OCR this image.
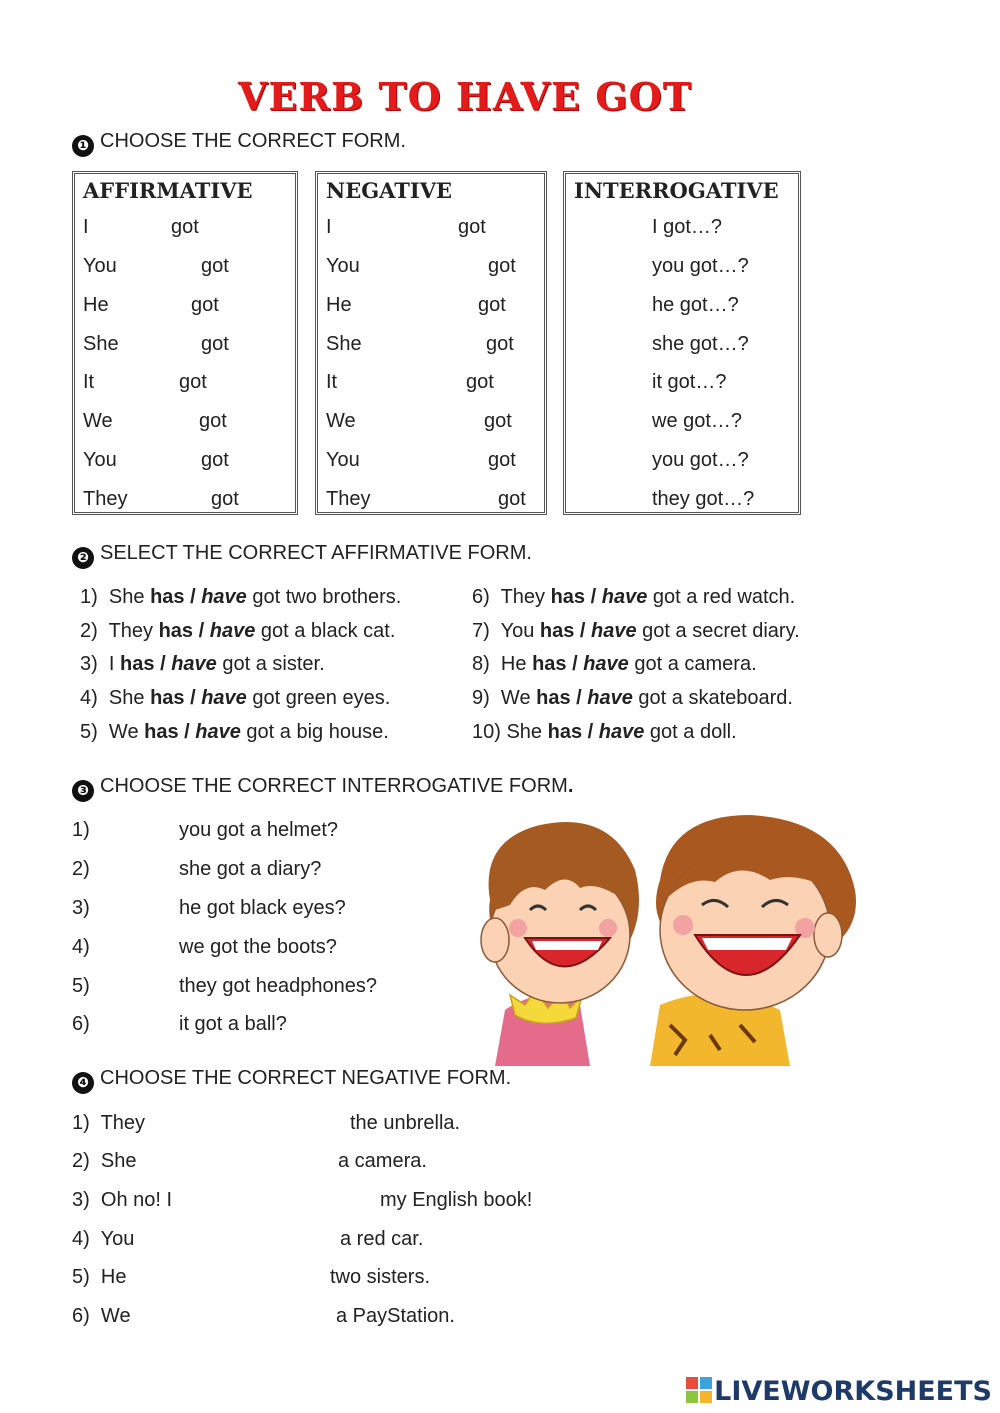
VERB TO HAVE GOT
❶ CHOOSE THE CORRECT FORM.
AFFIRMATIVE
I	got
You	got
He	got
She	got
It	got
We	got
You	got
They	got
NEGATIVE
I	got
You	got
He	got
She	got
It	got
We	got
You	got
They	got
INTERROGATIVE
I got…?
you got…?
he got…?
she got…?
it got…?
we got…?
you got…?
they got…?
❷ SELECT THE CORRECT AFFIRMATIVE FORM.
1) She has / have got two brothers.
2) They has / have got a black cat.
3) I has / have got a sister.
4) She has / have got green eyes.
5) We has / have got a big house.
6) They has / have got a red watch.
7) You has / have got a secret diary.
8) He has / have got a camera.
9) We has / have got a skateboard.
10) She has / have got a doll.
❸ CHOOSE THE CORRECT INTERROGATIVE FORM.
1)	you got a helmet?
2)	she got a diary?
3)	he got black eyes?
4)	we got the boots?
5)	they got headphones?
6)	it got a ball?
❹ CHOOSE THE CORRECT NEGATIVE FORM.
1) They	the unbrella.
2) She	a camera.
3) Oh no! I	my English book!
4) You	a red car.
5) He	two sisters.
6) We	a PayStation.
LIVEWORKSHEETS
